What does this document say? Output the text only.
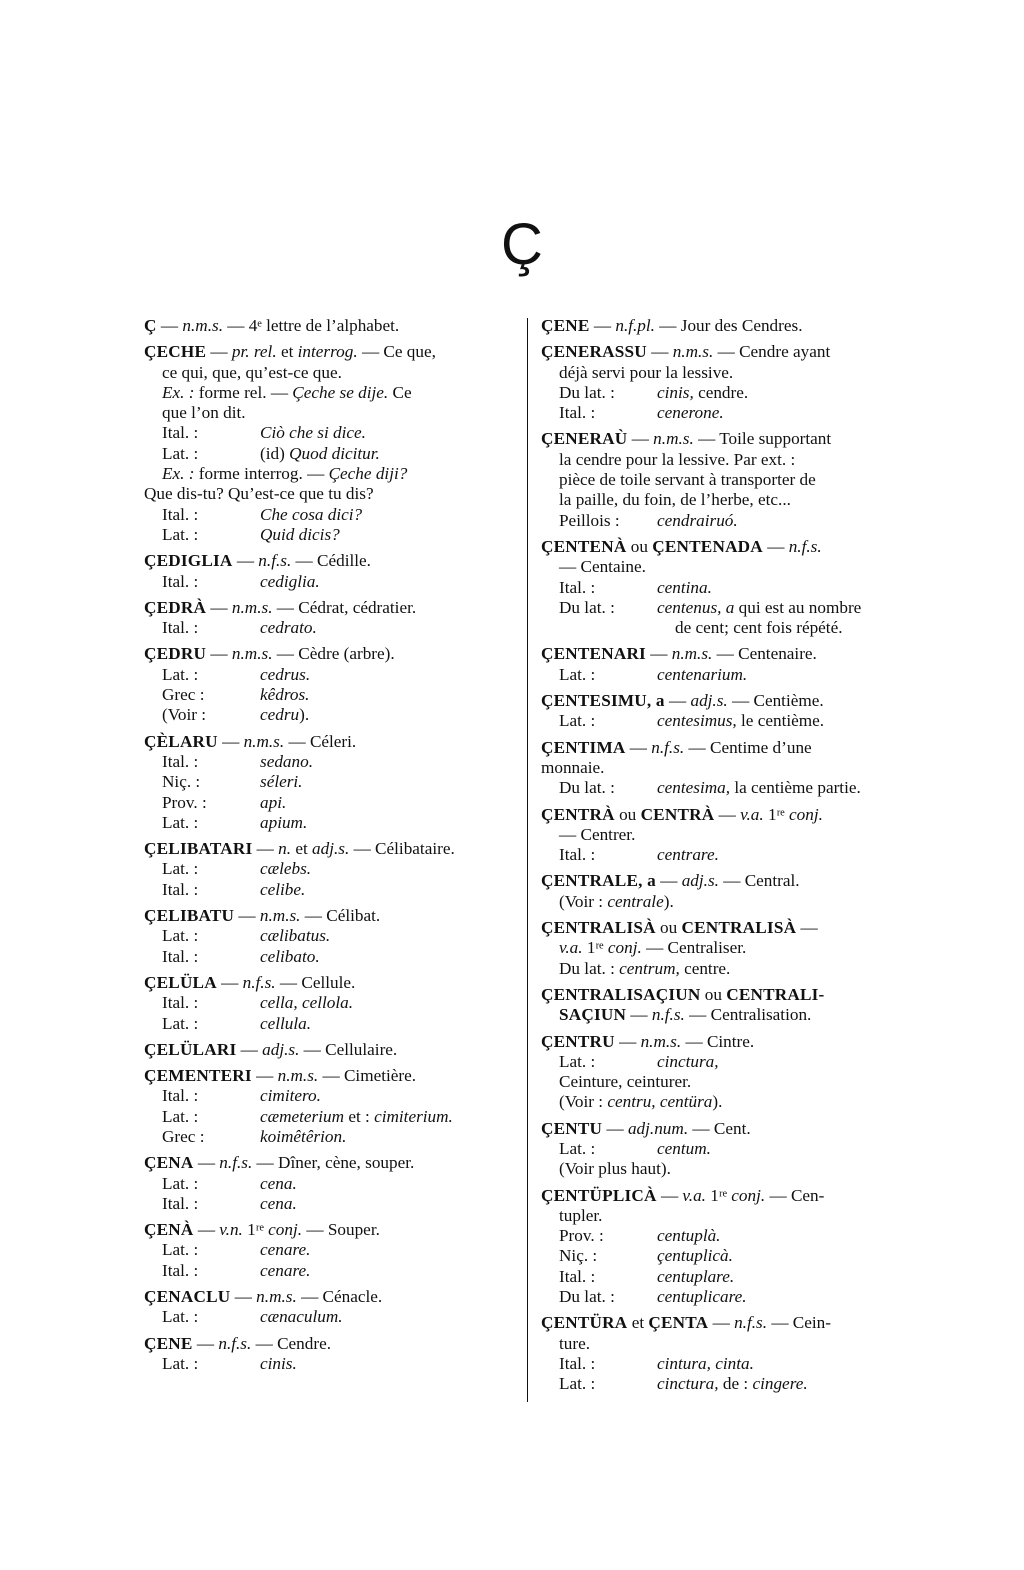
Ç
Ç — n.m.s. — 4ᵉ lettre de l’alphabet.
ÇECHE — pr. rel. et interrog. — Ce que,
ce qui, que, qu’est-ce que.
Ex. : forme rel. — Çeche se dije. Ce
que l’on dit.
Ital. :	Ciò che si dice.
Lat. :	(id) Quod dicitur.
Ex. : forme interrog. — Çeche diji?
Que dis-tu? Qu’est-ce que tu dis?
Ital. :	Che cosa dici?
Lat. :	Quid dicis?
ÇEDIGLIA — n.f.s. — Cédille.
Ital. :	cediglia.
ÇEDRÀ — n.m.s. — Cédrat, cédratier.
Ital. :	cedrato.
ÇEDRU — n.m.s. — Cèdre (arbre).
Lat. :	cedrus.
Grec :	kêdros.
(Voir :	cedru).
ÇÈLARU — n.m.s. — Céleri.
Ital. :	sedano.
Niç. :	séleri.
Prov. :	api.
Lat. :	apium.
ÇELIBATARI — n. et adj.s. — Célibataire.
Lat. :	cælebs.
Ital. :	celibe.
ÇELIBATU — n.m.s. — Célibat.
Lat. :	cælibatus.
Ital. :	celibato.
ÇELÜLA — n.f.s. — Cellule.
Ital. :	cella, cellola.
Lat. :	cellula.
ÇELÜLARI — adj.s. — Cellulaire.
ÇEMENTERI — n.m.s. — Cimetière.
Ital. :	cimitero.
Lat. :	cæmeterium et : cimiterium.
Grec :	koimêtêrion.
ÇENA — n.f.s. — Dîner, cène, souper.
Lat. :	cena.
Ital. :	cena.
ÇENÀ — v.n. 1ʳᵉ conj. — Souper.
Lat. :	cenare.
Ital. :	cenare.
ÇENACLU — n.m.s. — Cénacle.
Lat. :	cænaculum.
ÇENE — n.f.s. — Cendre.
Lat. :	cinis.
ÇENE — n.f.pl. — Jour des Cendres.
ÇENERASSU — n.m.s. — Cendre ayant
déjà servi pour la lessive.
Du lat. : cinis, cendre.
Ital. :	cenerone.
ÇENERAÙ — n.m.s. — Toile supportant
la cendre pour la lessive. Par ext. :
pièce de toile servant à transporter de
la paille, du foin, de l’herbe, etc...
Peillois : cendrairuó.
ÇENTENÀ ou ÇENTENADA — n.f.s.
— Centaine.
Ital. :	centina.
Du lat. : centenus, a qui est au nombre
de cent; cent fois répété.
ÇENTENARI — n.m.s. — Centenaire.
Lat. :	centenarium.
ÇENTESIMU, a — adj.s. — Centième.
Lat. :	centesimus, le centième.
ÇENTIMA — n.f.s. — Centime d’une
monnaie.
Du lat. : centesima, la centième partie.
ÇENTRÀ ou CENTRÀ — v.a. 1ʳᵉ conj.
— Centrer.
Ital. :	centrare.
ÇENTRALE, a — adj.s. — Central.
(Voir : centrale).
ÇENTRALISÀ ou CENTRALISÀ —
v.a. 1ʳᵉ conj. — Centraliser.
Du lat. : centrum, centre.
ÇENTRALISAÇIUN ou CENTRALI-
SAÇIUN — n.f.s. — Centralisation.
ÇENTRU — n.m.s. — Cintre.
Lat. :	cinctura,
Ceinture, ceinturer.
(Voir : centru, centüra).
ÇENTU — adj.num. — Cent.
Lat. :	centum.
(Voir plus haut).
ÇENTÜPLICÀ — v.a. 1ʳᵉ conj. — Cen-
tupler.
Prov. :	centuplà.
Niç. :	çentuplicà.
Ital. :	centuplare.
Du lat. : centuplicare.
ÇENTÜRA et ÇENTA — n.f.s. — Cein-
ture.
Ital. :	cintura, cinta.
Lat. :	cinctura, de : cingere.
